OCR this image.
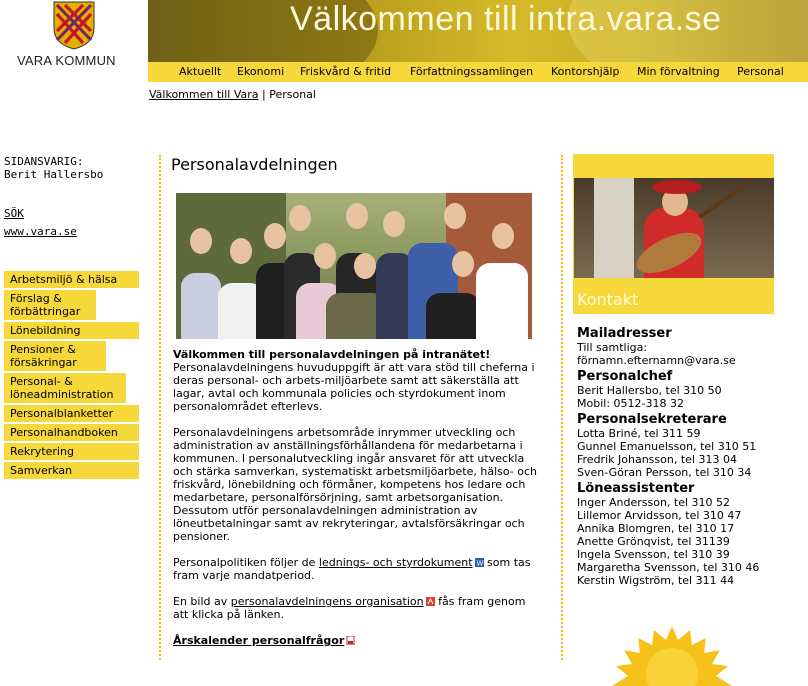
VARA KOMMUN
Välkommen till intra.vara.se
Aktuellt Ekonomi Friskvård & fritid Författningssamlingen Kontorshjälp Min förvaltning Personal
Välkommen till Vara | Personal
SIDANSVARIG:
Berit Hallersbo
SÖK
www.vara.se
Arbetsmiljö & hälsa
Förslag & förbättringar
Lönebildning
Pensioner & försäkringar
Personal- & löneadministration
Personalblanketter
Personalhandboken
Rekrytering
Samverkan
Personalavdelningen

Välkommen till personalavdelningen på intranätet!

Personalavdelningens huvuduppgift är att vara stöd till cheferna i deras personal- och arbets-miljöarbete samt att säkerställa att lagar, avtal och kommunala policies och styrdokument inom personalområdet efterlevs.

Personalavdelningens arbetsområde inrymmer utveckling och administration av anställningsförhållandena för medarbetarna i kommunen. I personalutveckling ingår ansvaret för att utveckla och stärka samverkan, systematiskt arbetsmiljöarbete, hälso- och friskvård, lönebildning och förmåner, kompetens hos ledare och medarbetare, personalförsörjning, samt arbetsorganisation. Dessutom utför personalavdelningen administration av löneutbetalningar samt av rekryteringar, avtalsförsäkringar och pensioner.

Personalpolitiken följer de lednings- och styrdokument W som tas fram varje mandatperiod.

En bild av personalavdelningens organisation fås fram genom att klicka på länken.

Årskalender personalfrågor

Kontakt
Mailadresser
Till samtliga:
förnamn.efternamn@vara.se
Personalchef
Berit Hallersbo, tel 310 50
Mobil: 0512-318 32
Personalsekreterare
Lotta Briné, tel 311 59
Gunnel Emanuelsson, tel 310 51
Fredrik Johansson, tel 313 04
Sven-Göran Persson, tel 310 34
Löneassistenter
Inger Andersson, tel 310 52
Lillemor Arvidsson, tel 310 47
Annika Blomgren, tel 310 17
Anette Grönqvist, tel 31139
Ingela Svensson, tel 310 39
Margaretha Svensson, tel 310 46
Kerstin Wigström, tel 311 44
